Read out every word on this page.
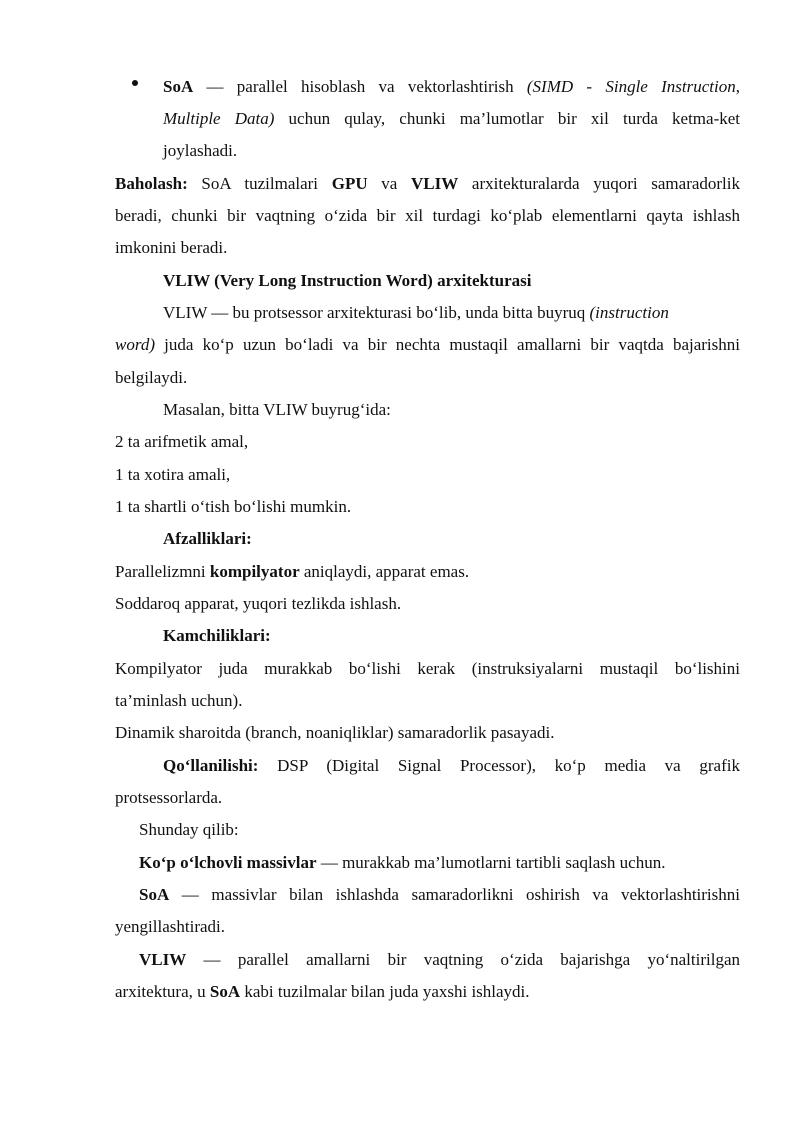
SoA — parallel hisoblash va vektorlashtirish (SIMD - Single Instruction,
Multiple Data) uchun qulay, chunki ma’lumotlar bir xil turda ketma-ket
joylashadi.
Baholash: SoA tuzilmalari GPU va VLIW arxitekturalarda yuqori samaradorlik
beradi, chunki bir vaqtning o‘zida bir xil turdagi ko‘plab elementlarni qayta ishlash
imkonini beradi.
VLIW (Very Long Instruction Word) arxitekturasi
VLIW — bu protsessor arxitekturasi bo‘lib, unda bitta buyruq (instruction
word) juda ko‘p uzun bo‘ladi va bir nechta mustaqil amallarni bir vaqtda bajarishni
belgilaydi.
Masalan, bitta VLIW buyrug‘ida:
2 ta arifmetik amal,
1 ta xotira amali,
1 ta shartli o‘tish bo‘lishi mumkin.
Afzalliklari:
Parallelizmni kompilyator aniqlaydi, apparat emas.
Soddaroq apparat, yuqori tezlikda ishlash.
Kamchiliklari:
Kompilyator juda murakkab bo‘lishi kerak (instruksiyalarni mustaqil bo‘lishini
ta’minlash uchun).
Dinamik sharoitda (branch, noaniqliklar) samaradorlik pasayadi.
Qo‘llanilishi: DSP (Digital Signal Processor), ko‘p media va grafik
protsessorlarda.
Shunday qilib:
Ko‘p o‘lchovli massivlar — murakkab ma’lumotlarni tartibli saqlash uchun.
SoA — massivlar bilan ishlashda samaradorlikni oshirish va vektorlashtirishni
yengillashtiradi.
VLIW — parallel amallarni bir vaqtning o‘zida bajarishga yo‘naltirilgan
arxitektura, u SoA kabi tuzilmalar bilan juda yaxshi ishlaydi.
